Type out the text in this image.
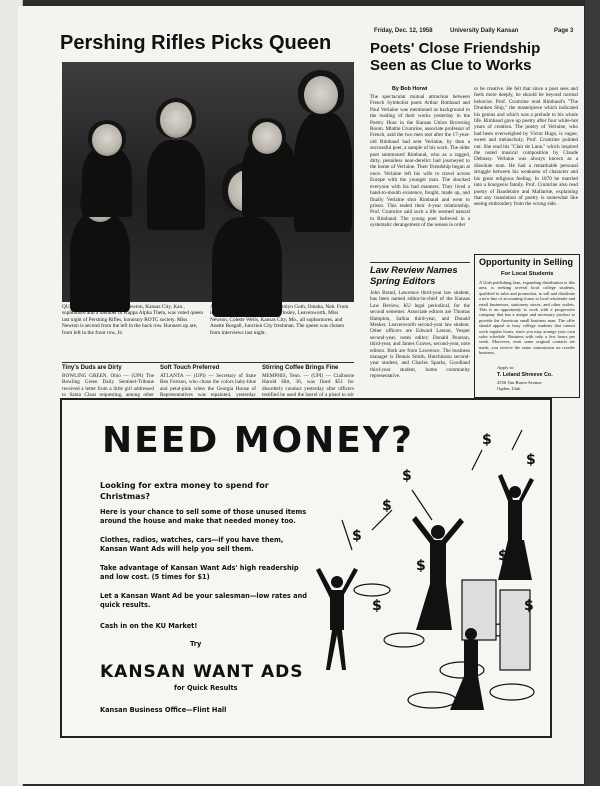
Friday, Dec. 12, 1958	University Daily Kansan	Page 3
Pershing Rifles Picks Queen
QUEEN FINALISTS — Nan Newton, Kansas City, Kan., sophomore and a member of Kappa Alpha Theta, was voted queen last night of Pershing Rifles, honorary ROTC society. Miss Newton is second from the left in the back row. Runners up are, from left in the front row, Jo
Anne McElhany, Mission, and Carolyn Goth, Omaha, Neb. From left in the back row are Suzanne Tinsley, Leavenworth, Miss Newton, Colette Wells, Kansas City, Mo., all sophomores, and Anette Bosgall, Junction City freshman. The queen was chosen from interviews last night.
Tiny's Duds are Dirty
BOWLING GREEN, Ohio — (UPI) The Bowling Green Daily Sentinel-Tribune received a letter from a little girl addressed to Santa Claus requesting, among other
Soft Touch Preferred
ATLANTA — (UPI) — Secretary of State Ben Fortson, who chose the colors baby-blue and petal-pink when the Georgia House of Representatives was repainted, yesterday
Stirring Coffee Brings Fine
MEMPHIS, Tenn. — (UPI) — Claiborne Harold Hitt, 36, was fined $51 for disorderly conduct yesterday after officers testified he used the barrel of a pistol to stir
Poets' Close Friendship Seen as Clue to Works
By Bob Horwi
The spectacular mutual attraction between French Symbolist poets Arthur Rimbaud and Paul Verlaine was mentioned as background to the reading of their works yesterday in the Poetry Hour in the Kansas Union Browsing Room. Mlattie Crumrine, associate professor of French, said the two men met after the 17-year-old Rimbaud had sent Verlaine, by then a successful poet, a sample of his work. The older poet summoned Rimbaud, who as a ragged, dirty, penniless near-derelict had journeyed to the home of Verlaine. Their friendship began at once. Verlaine left his wife to travel across Europe with the younger man. The shocked everyone with his bad manners. They lived a hand-to-mouth existence, fought, made up, and finally Verlaine shot Rimbaud and went to prison. This ended their 4-year relationship. Prof. Crumrine said such a life seemed natural to Rimbaud. The young poet believed in a systematic derangement of the senses in order
to be creative. He felt that since a poet sees and feels more deeply, he should be beyond normal behavior. Prof. Crumrine read Rimbaud's "The Drunken Ship," the masterpiece which indicated his genius and which was a prelude to his whole life. Rimbaud gave up poetry after four white-hot years of creation. The poetry of Verlaine, who had been overweighed by Victor Hugo, is vague, sweet and melancholy, Prof. Crumrine pointed out. She read his "Clair de Lune," which inspired the noted musical composition by Claude Debussy. Verlaine was always known as a dissolute man. He had a remarkable personal struggle between his weakness of character and his great religious feeling. In 1870 he married into a bourgeois family. Prof. Crumrine also read poetry of Baudelaire and Mallarme, explaining that any translation of poetry is somewhat like seeing embroidery from the wrong side.
Law Review Names Spring Editors
John Brand, Lawrence third-year law student, has been named editor-in-chief of the Kansas Law Review, KU legal periodical, for the second semester. Associate editors are Thomas Hampton, Salina third-year, and Donald Mesker, Leavenworth second-year law student. Other officers are Edward Larson, Vesper second-year, notes editor; Donald Pearson, third-year, and James Graves, second-year, note editors. Both are from Lawrence. The business manager is Dennis Smith, Hutchinson second-year student, and Charles Sparks, Goodland third-year student, home community representative.
Opportunity in Selling
For Local Students
A Utah publishing firm, expanding distribution to this area, is seeking several local college students, qualified to sales and promotion, to sell and distribute a new line of accounting forms to local wholesale and retail businesses, stationery stores, and other outlets. This is an opportunity to work with a progressive company that has a unique and necessary product to provide the American small business man. The offer should appeal to busy college students that cannot work regular hours, since you may arrange your own sales schedule. Business with only a few hours per week. Moreover, even some original contacts are made, you receive the same commission on reorder business.
Apply to:
T. Leland Shreeve Co.
2556 Van Buren Avenue
Ogden, Utah
NEED MONEY?
Looking for extra money to spend for Christmas?
Here is your chance to sell some of those unused items around the house and make that needed money too.
Clothes, radios, watches, cars—if you have them, Kansan Want Ads will help you sell them.
Take advantage of Kansan Want Ads' high readership and low cost. (5 times for $1)
Let a Kansan Want Ad be your salesman—low rates and quick results.
Cash in on the KU Market!
Try
KANSAN WANT ADS
for Quick Results
Kansan Business Office—Flint Hall
$
$
$
$
$
$
$
$	$
